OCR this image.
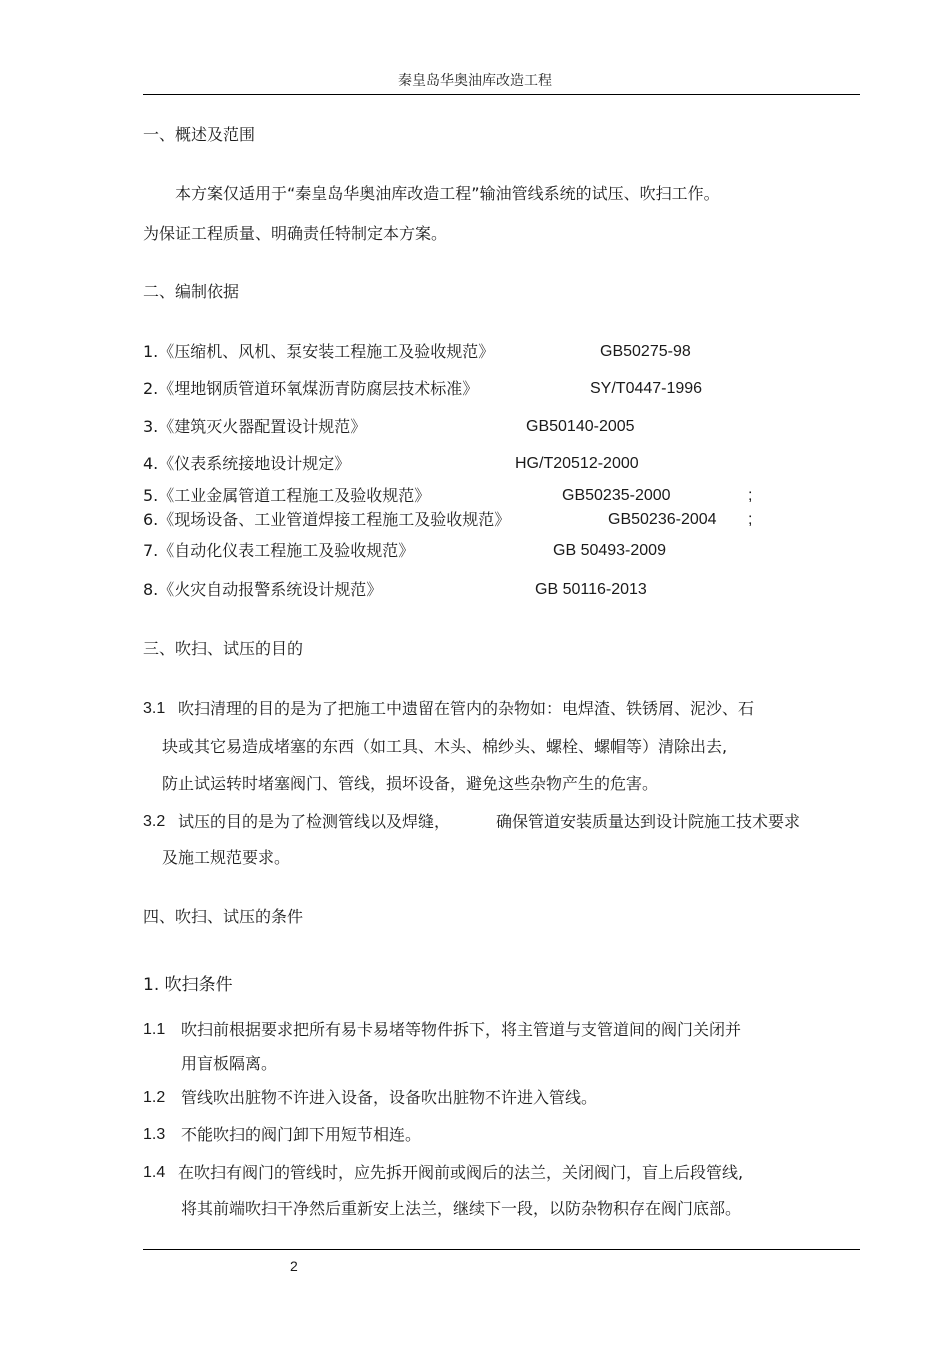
秦皇岛华奥油库改造工程
一、概述及范围
本方案仅适用于“秦皇岛华奥油库改造工程”输油管线系统的试压、吹扫工作。
为保证工程质量、明确责任特制定本方案。
二、编制依据
1.《压缩机、风机、泵安装工程施工及验收规范》	GB50275-98
2.《埋地钢质管道环氧煤沥青防腐层技术标准》	SY/T0447-1996
3.《建筑灭火器配置设计规范》	GB50140-2005
4.《仪表系统接地设计规定》	HG/T20512-2000
5.《工业金属管道工程施工及验收规范》	GB50235-2000	;
6.《现场设备、工业管道焊接工程施工及验收规范》	GB50236-2004 ;
7.《自动化仪表工程施工及验收规范》	GB 50493-2009
8.《火灾自动报警系统设计规范》	GB 50116-2013
三、吹扫、试压的目的
3.1 吹扫清理的目的是为了把施工中遗留在管内的杂物如：电焊渣、铁锈屑、泥沙、石
块或其它易造成堵塞的东西（如工具、木头、棉纱头、螺栓、螺帽等）清除出去,
防止试运转时堵塞阀门、管线，损坏设备，避免这些杂物产生的危害。
3.2 试压的目的是为了检测管线以及焊缝，	确保管道安装质量达到设计院施工技术要求
及施工规范要求。
四、吹扫、试压的条件
1. 吹扫条件
1.1 吹扫前根据要求把所有易卡易堵等物件拆下，将主管道与支管道间的阀门关闭并
用盲板隔离。
1.2 管线吹出脏物不许进入设备，设备吹出脏物不许进入管线。
1.3 不能吹扫的阀门卸下用短节相连。
1.4 在吹扫有阀门的管线时，应先拆开阀前或阀后的法兰，关闭阀门，盲上后段管线,
将其前端吹扫干净然后重新安上法兰，继续下一段，以防杂物积存在阀门底部。
2
